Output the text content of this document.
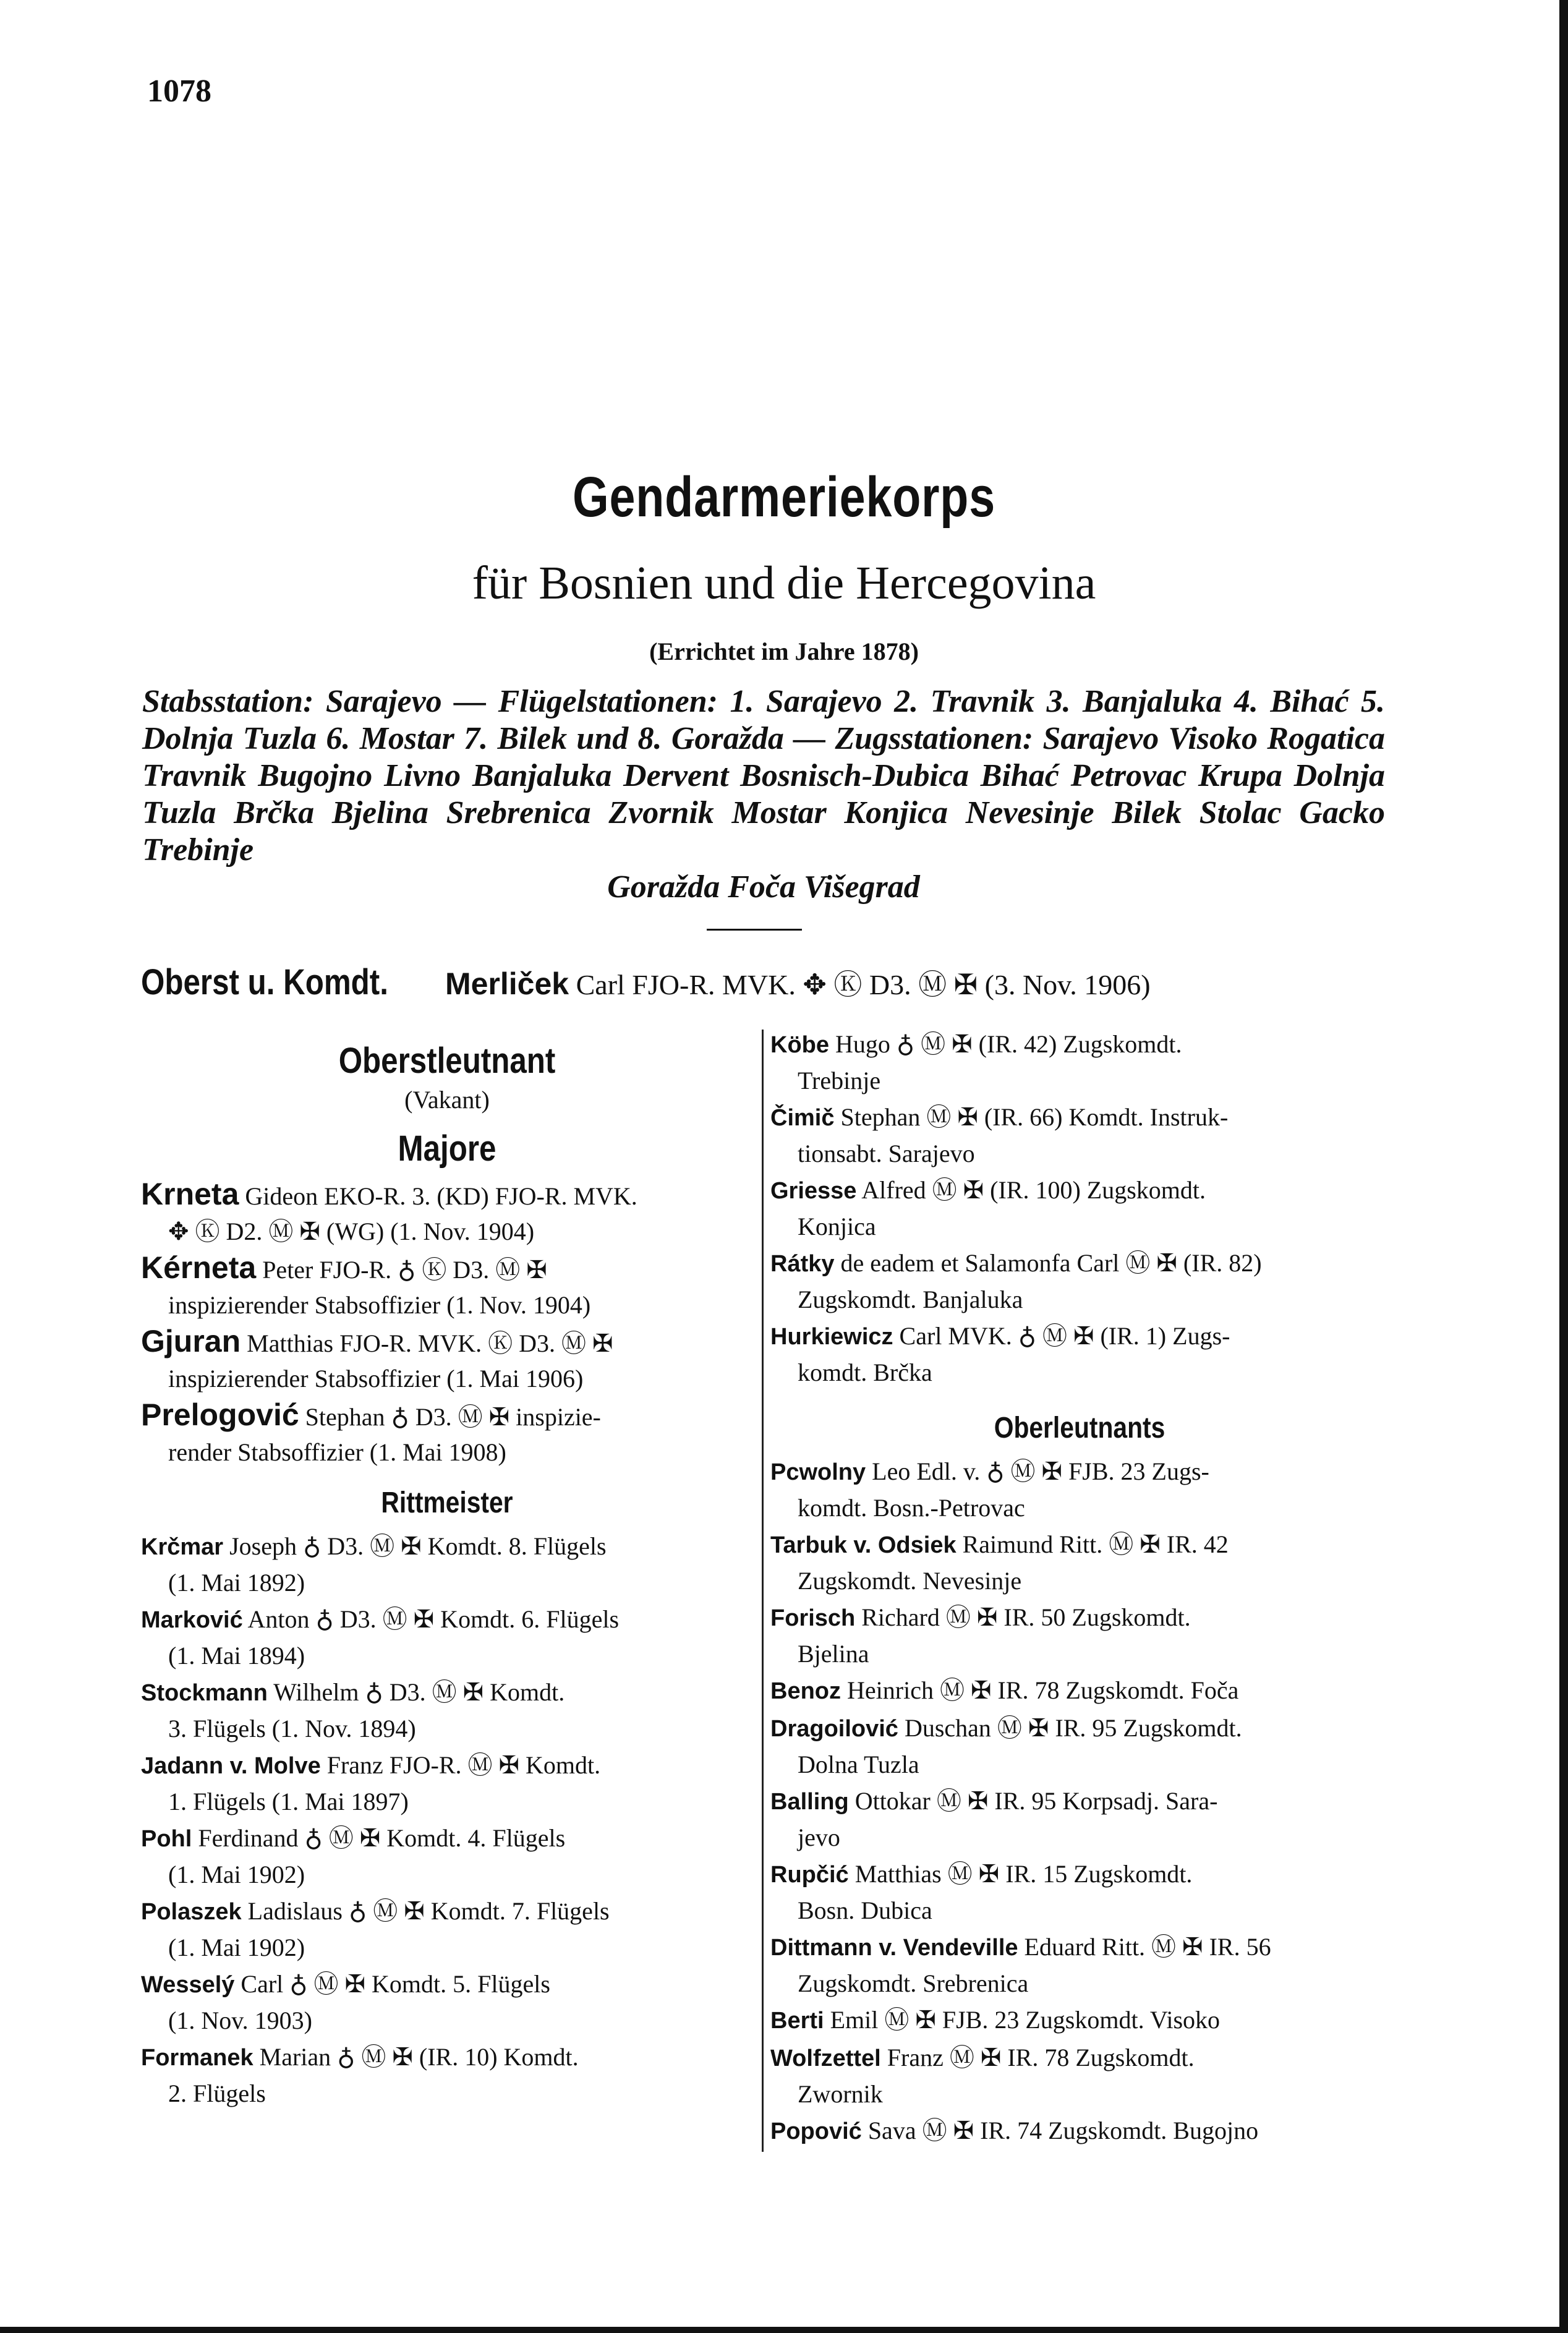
1078
Gendarmeriekorps
für Bosnien und die Hercegovina
(Errichtet im Jahre 1878)
Stabsstation: Sarajevo — Flügelstationen: 1. Sarajevo 2. Travnik 3. Banjaluka 4. Bihać 5. Dolnja Tuzla 6. Mostar 7. Bilek und 8. Goražda — Zugsstationen: Sarajevo Visoko Rogatica Travnik Bugojno Livno Banjaluka Dervent Bosnisch-Dubica Bihać Petrovac Krupa Dolnja Tuzla Brčka Bjelina Srebrenica Zvornik Mostar Konjica Nevesinje Bilek Stolac Gacko Trebinje
Goražda Foča Višegrad
Oberst u. Komdt. Merliček Carl FJO-R. MVK. ✥ Ⓚ D3. Ⓜ ✠ (3. Nov. 1906)
Oberstleutnant
(Vakant)
Majore
Krneta Gideon EKO-R. 3. (KD) FJO-R. MVK.
✥ Ⓚ D2. Ⓜ ✠ (WG) (1. Nov. 1904)
Kérneta Peter FJO-R. ♁ Ⓚ D3. Ⓜ ✠
inspizierender Stabsoffizier (1. Nov. 1904)
Gjuran Matthias FJO-R. MVK. Ⓚ D3. Ⓜ ✠
inspizierender Stabsoffizier (1. Mai 1906)
Prelogović Stephan ♁ D3. Ⓜ ✠ inspizie-
render Stabsoffizier (1. Mai 1908)
Rittmeister
Krčmar Joseph ♁ D3. Ⓜ ✠ Komdt. 8. Flügels
(1. Mai 1892)
Marković Anton ♁ D3. Ⓜ ✠ Komdt. 6. Flügels
(1. Mai 1894)
Stockmann Wilhelm ♁ D3. Ⓜ ✠ Komdt.
3. Flügels (1. Nov. 1894)
Jadann v. Molve Franz FJO-R. Ⓜ ✠ Komdt.
1. Flügels (1. Mai 1897)
Pohl Ferdinand ♁ Ⓜ ✠ Komdt. 4. Flügels
(1. Mai 1902)
Polaszek Ladislaus ♁ Ⓜ ✠ Komdt. 7. Flügels
(1. Mai 1902)
Wesselý Carl ♁ Ⓜ ✠ Komdt. 5. Flügels
(1. Nov. 1903)
Formanek Marian ♁ Ⓜ ✠ (IR. 10) Komdt.
2. Flügels
Köbe Hugo ♁ Ⓜ ✠ (IR. 42) Zugskomdt.
Trebinje
Čimič Stephan Ⓜ ✠ (IR. 66) Komdt. Instruk-
tionsabt. Sarajevo
Griesse Alfred Ⓜ ✠ (IR. 100) Zugskomdt.
Konjica
Rátky de eadem et Salamonfa Carl Ⓜ ✠ (IR. 82)
Zugskomdt. Banjaluka
Hurkiewicz Carl MVK. ♁ Ⓜ ✠ (IR. 1) Zugs-
komdt. Brčka
Oberleutnants
Pcwolny Leo Edl. v. ♁ Ⓜ ✠ FJB. 23 Zugs-
komdt. Bosn.-Petrovac
Tarbuk v. Odsiek Raimund Ritt. Ⓜ ✠ IR. 42
Zugskomdt. Nevesinje
Forisch Richard Ⓜ ✠ IR. 50 Zugskomdt.
Bjelina
Benoz Heinrich Ⓜ ✠ IR. 78 Zugskomdt. Foča
Dragoilović Duschan Ⓜ ✠ IR. 95 Zugskomdt.
Dolna Tuzla
Balling Ottokar Ⓜ ✠ IR. 95 Korpsadj. Sara-
jevo
Rupčić Matthias Ⓜ ✠ IR. 15 Zugskomdt.
Bosn. Dubica
Dittmann v. Vendeville Eduard Ritt. Ⓜ ✠ IR. 56
Zugskomdt. Srebrenica
Berti Emil Ⓜ ✠ FJB. 23 Zugskomdt. Visoko
Wolfzettel Franz Ⓜ ✠ IR. 78 Zugskomdt.
Zwornik
Popović Sava Ⓜ ✠ IR. 74 Zugskomdt. Bugojno
